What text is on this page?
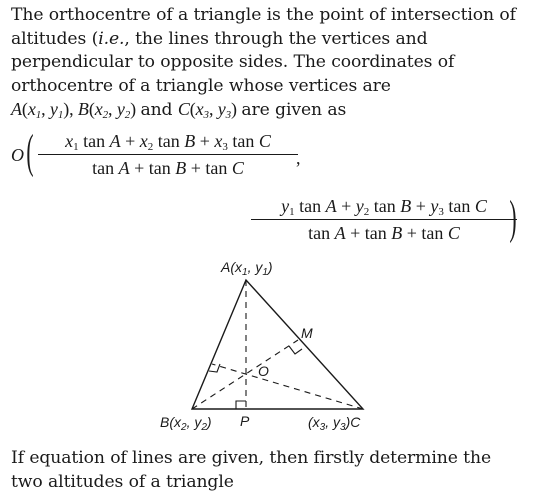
The orthocentre of a triangle is the point of intersection of
altitudes (i.e., the lines through the vertices and
perpendicular to opposite sides. The coordinates of
orthocentre of a triangle whose vertices are
$A(x_1$, $y_1$), $B(x_2$, $y_2$) and $C(x_3$, $y_3$) are given as
O (	$x_1$ $\tan A + x_2$ $\tan B + x_3$ tan C
tan A + tan B + tan C	,
$y_1$ $\tan A + y_2$ $\tan B + y_3$ tan C
tan A + tan B + tan C	)
$A(x_1$, $y_1$)
$B(x_2$, $y_2$)	($x_3$, $y_3)C$
P
M
O
If equation of lines are given, then firstly determine the
two altitudes of a triangle
